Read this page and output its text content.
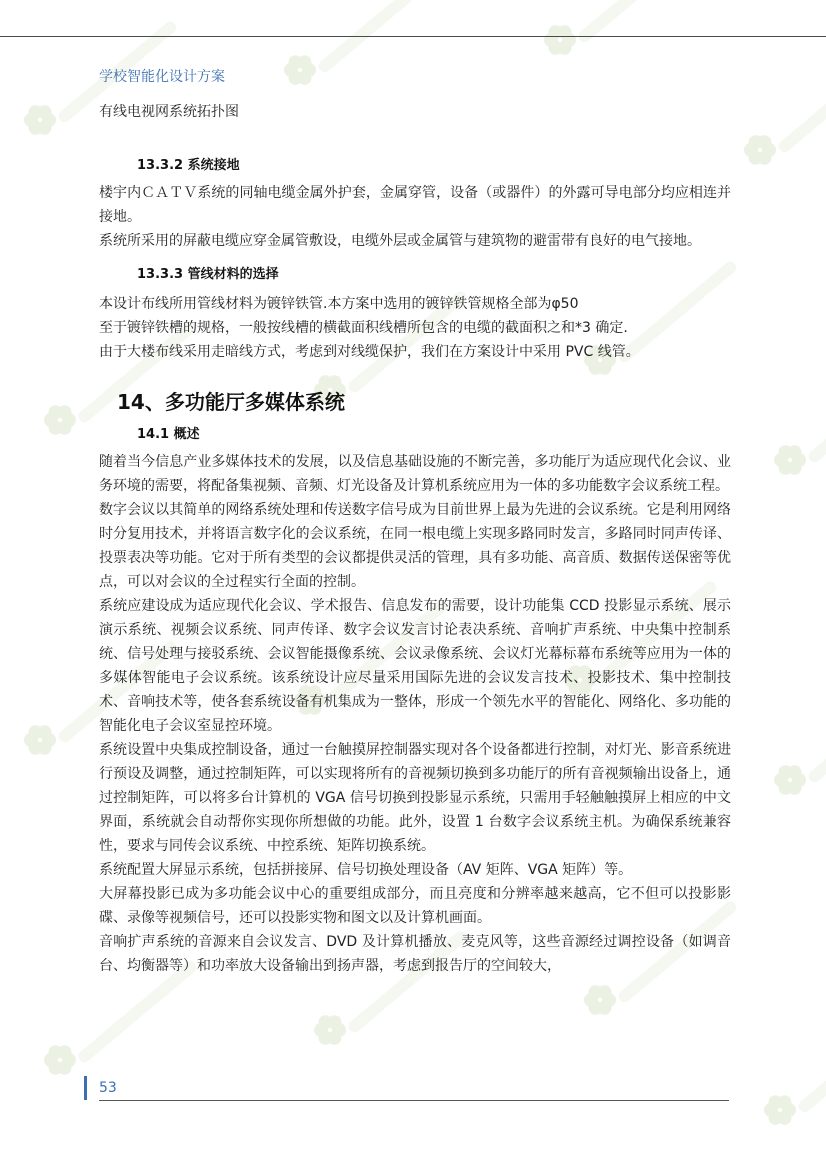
学校智能化设计方案
有线电视网系统拓扑图
13.3.2 系统接地

楼宇内ＣＡＴＶ系统的同轴电缆金属外护套，金属穿管，设备（或器件）的外露可导电部分均应相连并接地。

系统所采用的屏蔽电缆应穿金属管敷设，电缆外层或金属管与建筑物的避雷带有良好的电气接地。

13.3.3 管线材料的选择

本设计布线所用管线材料为镀锌铁管.本方案中选用的镀锌铁管规格全部为φ50

至于镀锌铁槽的规格，一般按线槽的横截面积线槽所包含的电缆的截面积之和*3 确定.

由于大楼布线采用走暗线方式，考虑到对线缆保护，我们在方案设计中采用 PVC 线管。

14、多功能厅多媒体系统
14.1 概述

随着当今信息产业多媒体技术的发展，以及信息基础设施的不断完善，多功能厅为适应现代化会议、业务环境的需要，将配备集视频、音频、灯光设备及计算机系统应用为一体的多功能数字会议系统工程。

数字会议以其简单的网络系统处理和传送数字信号成为目前世界上最为先进的会议系统。它是利用网络时分复用技术，并将语言数字化的会议系统，在同一根电缆上实现多路同时发言，多路同时同声传译、投票表决等功能。它对于所有类型的会议都提供灵活的管理，具有多功能、高音质、数据传送保密等优点，可以对会议的全过程实行全面的控制。

系统应建设成为适应现代化会议、学术报告、信息发布的需要，设计功能集 CCD 投影显示系统、展示演示系统、视频会议系统、同声传译、数字会议发言讨论表决系统、音响扩声系统、中央集中控制系统、信号处理与接驳系统、会议智能摄像系统、会议录像系统、会议灯光幕标幕布系统等应用为一体的多媒体智能电子会议系统。该系统设计应尽量采用国际先进的会议发言技术、投影技术、集中控制技术、音响技术等，使各套系统设备有机集成为一整体，形成一个领先水平的智能化、网络化、多功能的智能化电子会议室显控环境。

系统设置中央集成控制设备，通过一台触摸屏控制器实现对各个设备都进行控制，对灯光、影音系统进行预设及调整，通过控制矩阵，可以实现将所有的音视频切换到多功能厅的所有音视频输出设备上，通过控制矩阵，可以将多台计算机的 VGA 信号切换到投影显示系统，只需用手轻触触摸屏上相应的中文界面，系统就会自动帮你实现你所想做的功能。此外，设置 1 台数字会议系统主机。为确保系统兼容性，要求与同传会议系统、中控系统、矩阵切换系统。

系统配置大屏显示系统，包括拼接屏、信号切换处理设备（AV 矩阵、VGA 矩阵）等。

大屏幕投影已成为多功能会议中心的重要组成部分，而且亮度和分辨率越来越高，它不但可以投影影碟、录像等视频信号，还可以投影实物和图文以及计算机画面。

音响扩声系统的音源来自会议发言、DVD 及计算机播放、麦克风等，这些音源经过调控设备（如调音台、均衡器等）和功率放大设备输出到扬声器，考虑到报告厅的空间较大，

53
